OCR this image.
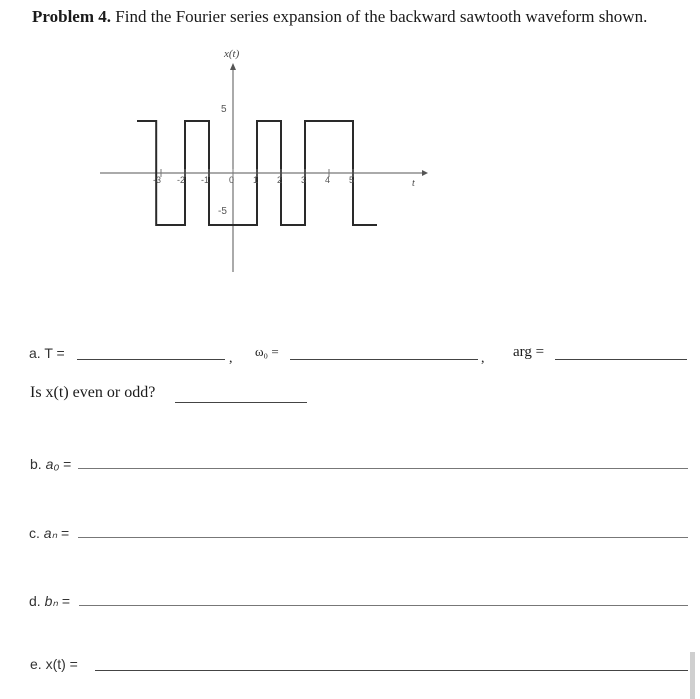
Problem 4. Find the Fourier series expansion of the backward sawtooth waveform shown.
x(t)
t
5
-5
-3 -2 -1 0 1 2 3 4 5
a. T =	, ω₀ =	, arg =
Is x(t) even or odd?
b. a₀ =
c. aₙ =
d. bₙ =
e. x(t) =
